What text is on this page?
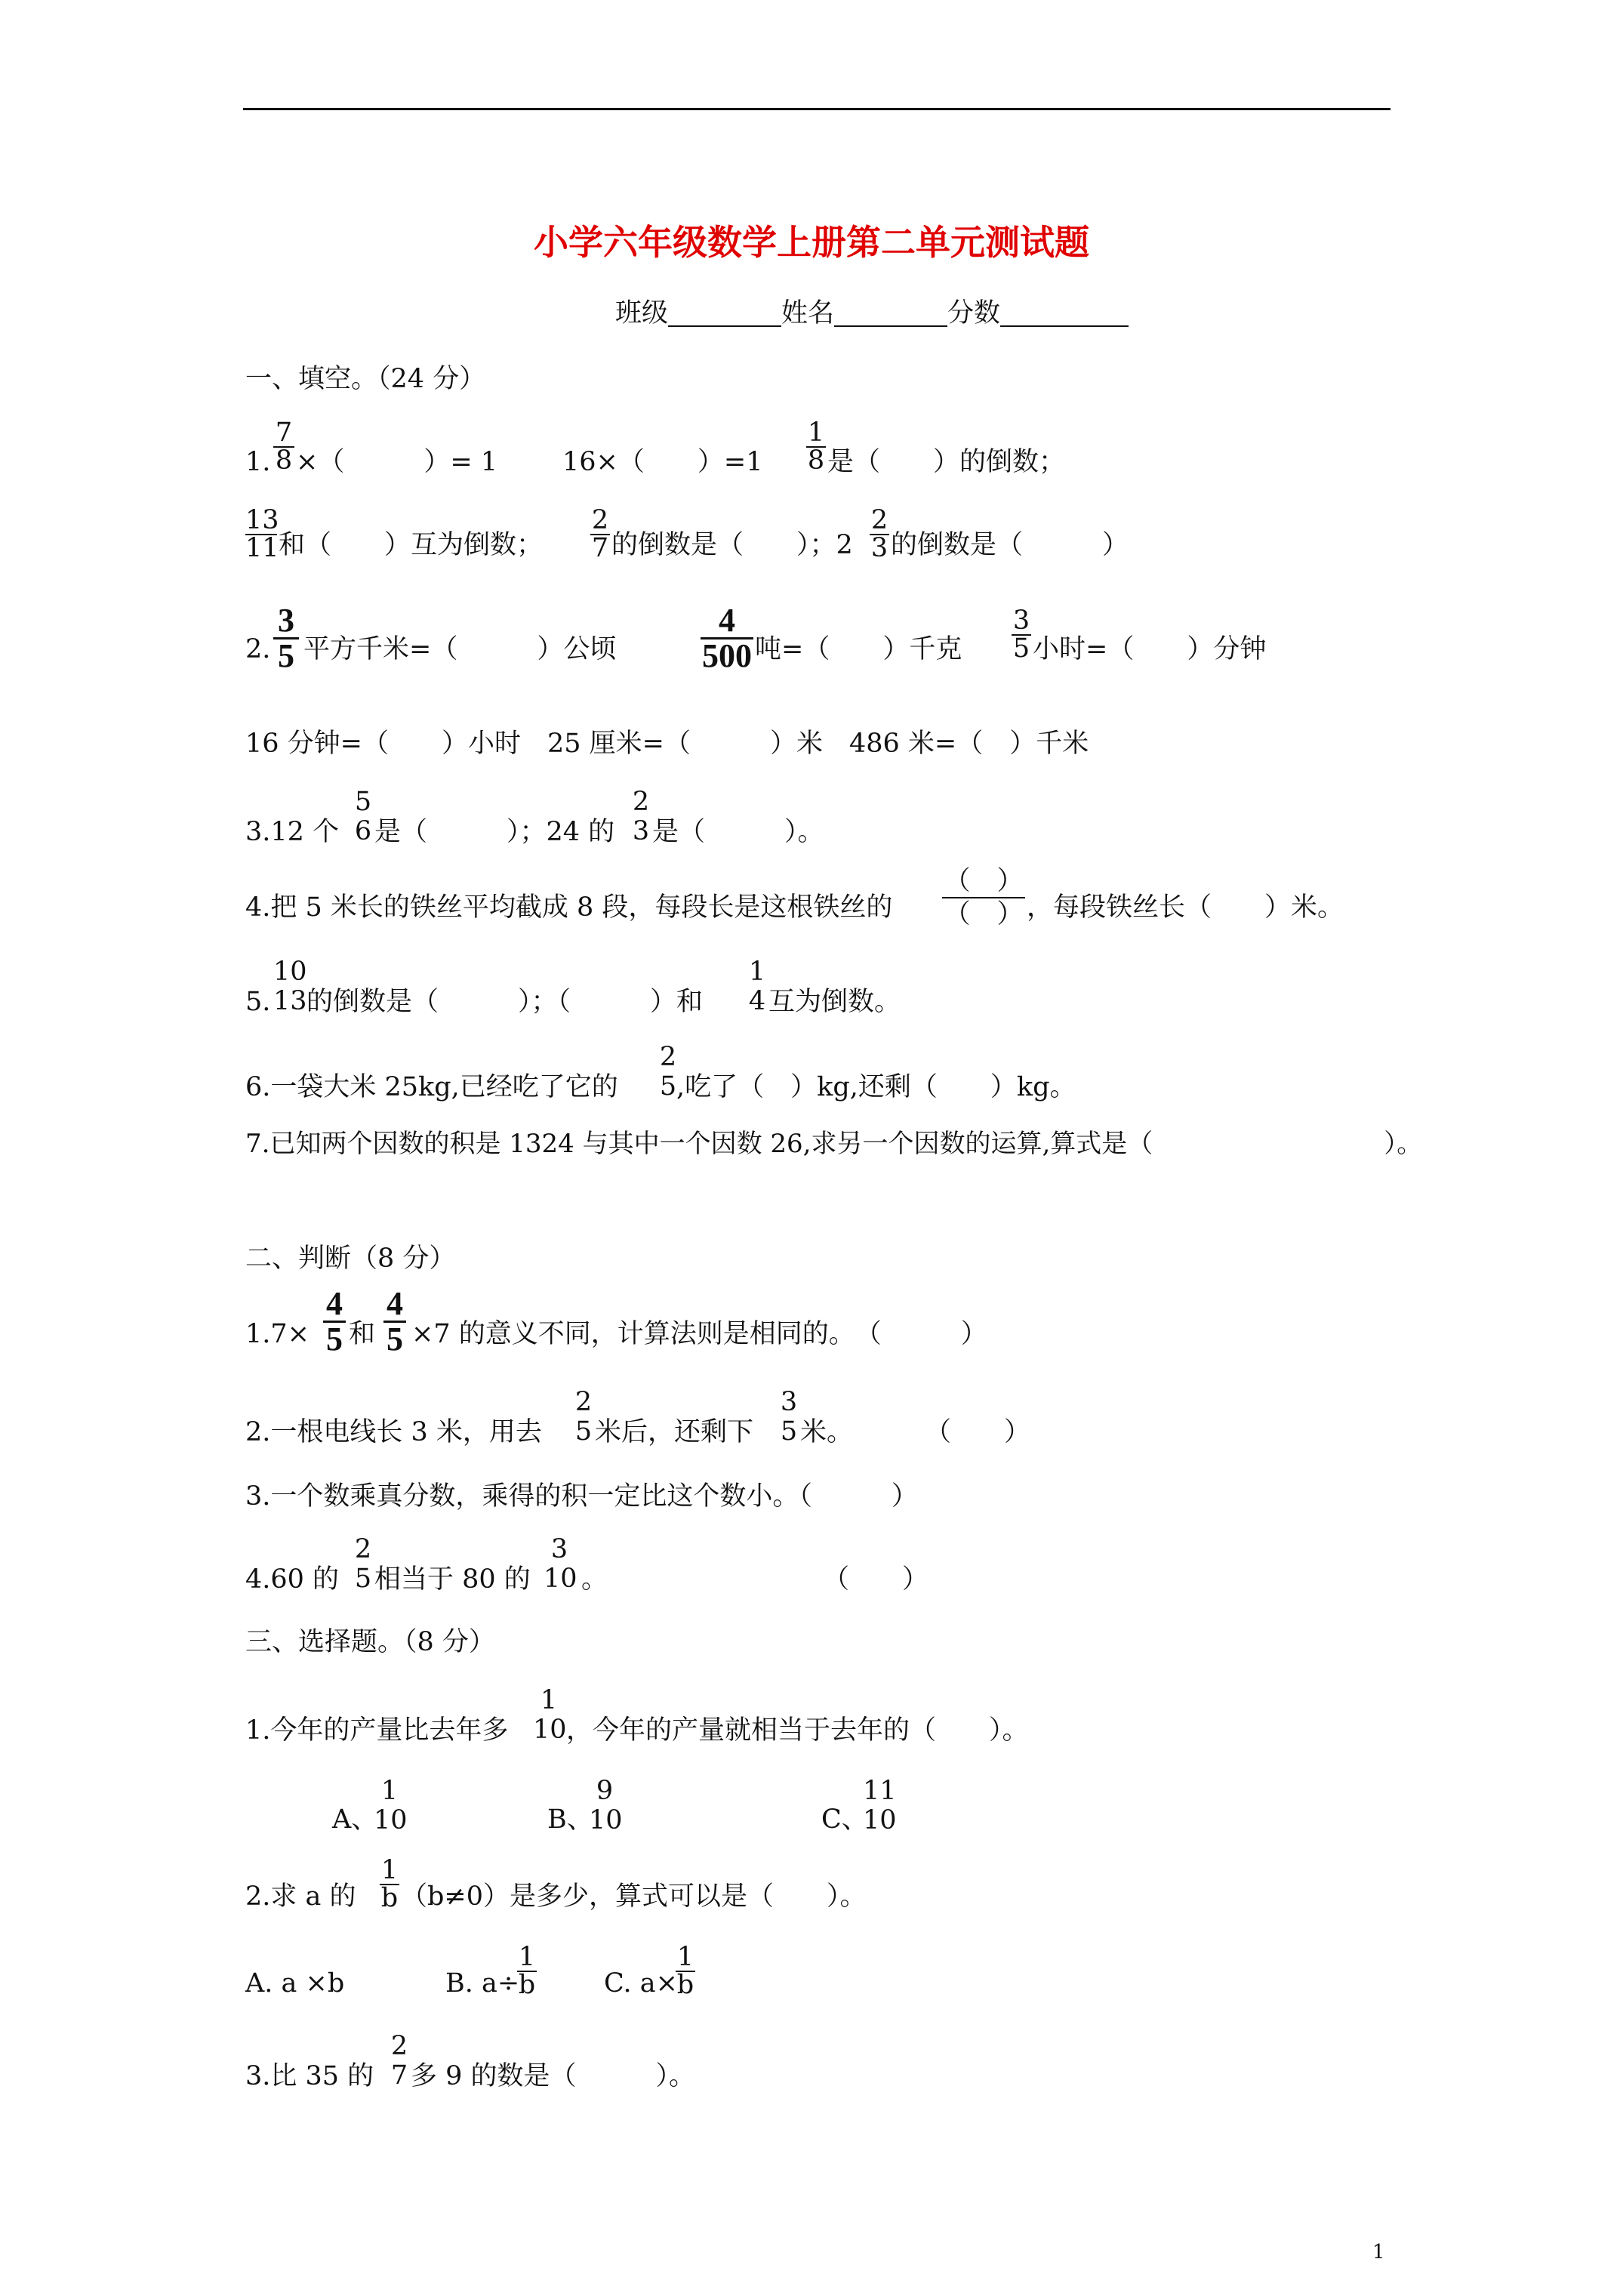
小学六年级数学上册第二单元测试题
班级	姓名	分数
一、填空。（24 分）
1.
7
8 ×（　　　）= 1 16×（　　）=1
1
8 是（　　）的倒数；
13
11 和（　　）互为倒数；
2
7 的倒数是（　　）；2
2
3 的倒数是（　　　）
2.
3
5 平方千米=（　　　）公顷
4
500 吨=（　　）千克
3
5 小时=（　　）分钟
16 分钟=（　　）小时　25 厘米=（　　　）米　486 米=（　）千米
3.12 个
5
6 是（　　　）；24 的
2
3 是（　　　）。
4.把 5 米长的铁丝平均截成 8 段，每段长是这根铁丝的
（　）
（　） ，每段铁丝长（　　）米。
5.
10
13 的倒数是（　　　）；（　　　）和
1
4 互为倒数。
6.一袋大米 25kg,已经吃了它的
2
5 ,吃了（　）kg,还剩（　　）kg。
7.已知两个因数的积是 1324 与其中一个因数 26,求另一个因数的运算,算式是（　　　　　　　　　）。
二、判断（8 分）
1.7×
4
5 和
4
5 ×7 的意义不同，计算法则是相同的。　（　　　）
2.一根电线长 3 米，用去
2
5 米后，还剩下
3
5 米。	（　　）
3.一个数乘真分数，乘得的积一定比这个数小。（　　　）
4.60 的
2
5 相当于 80 的
3
10 。	（　　）
三、选择题。（8 分）
1.今年的产量比去年多
1
10 ，今年的产量就相当于去年的（　　）。
A、
1
10	B、
9
10	C、
11
10
2.求 a 的
1
b （b≠0）是多少，算式可以是（　　）。
A. a ×b	B. a÷
1
b	C. a×
1
b
3.比 35 的
2
7 多 9 的数是（　　　）。
1
